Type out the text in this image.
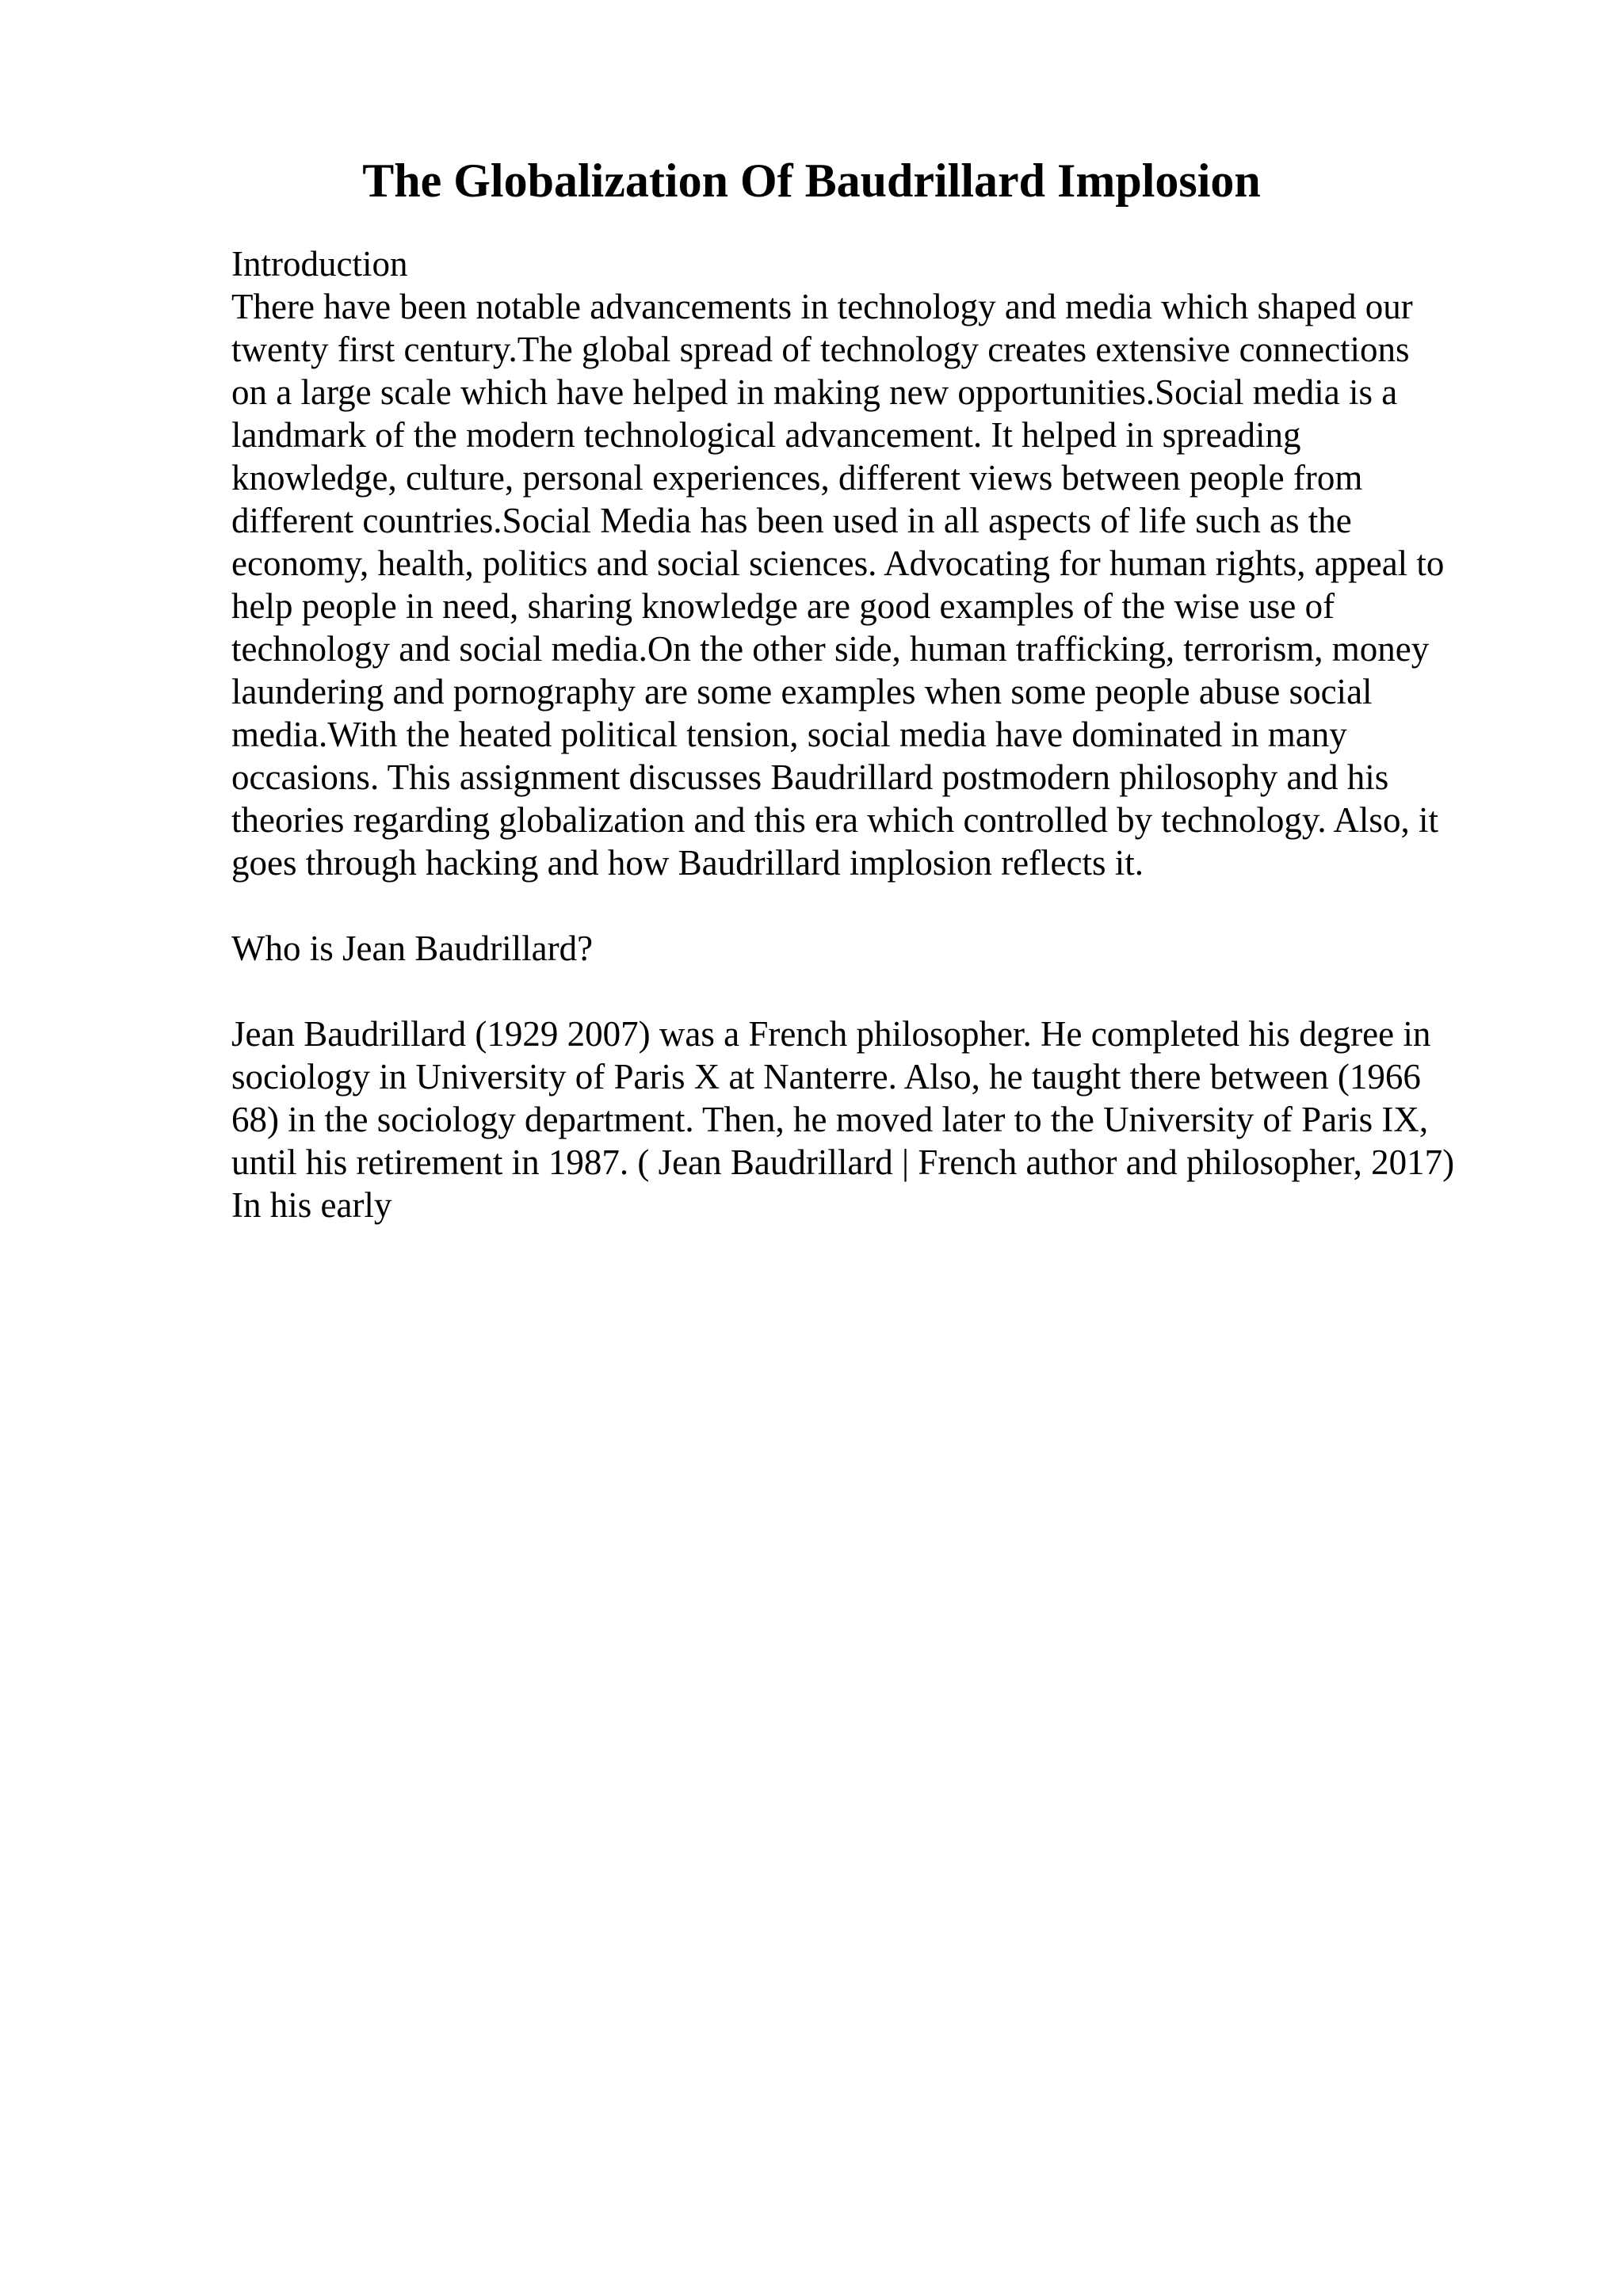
The Globalization Of Baudrillard Implosion
Introduction
There have been notable advancements in technology and media which shaped our
twenty first century.The global spread of technology creates extensive connections
on a large scale which have helped in making new opportunities.Social media is a
landmark of the modern technological advancement. It helped in spreading
knowledge, culture, personal experiences, different views between people from
different countries.Social Media has been used in all aspects of life such as the
economy, health, politics and social sciences. Advocating for human rights, appeal to
help people in need, sharing knowledge are good examples of the wise use of
technology and social media.On the other side, human trafficking, terrorism, money
laundering and pornography are some examples when some people abuse social
media.With the heated political tension, social media have dominated in many
occasions. This assignment discusses Baudrillard postmodern philosophy and his
theories regarding globalization and this era which controlled by technology. Also, it
goes through hacking and how Baudrillard implosion reflects it.
Who is Jean Baudrillard?
Jean Baudrillard (1929 2007) was a French philosopher. He completed his degree in
sociology in University of Paris X at Nanterre. Also, he taught there between (1966
68) in the sociology department. Then, he moved later to the University of Paris IX,
until his retirement in 1987. ( Jean Baudrillard | French author and philosopher, 2017)
In his early
